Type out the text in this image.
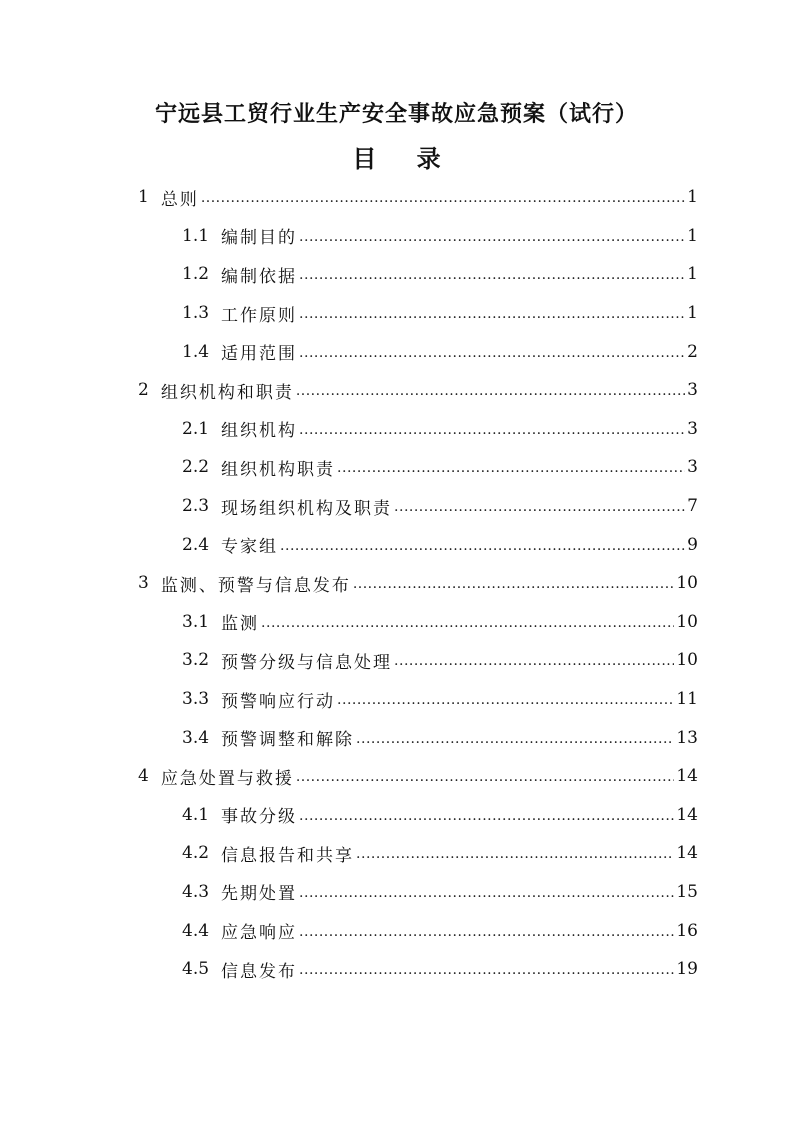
宁远县工贸行业生产安全事故应急预案（试行）
目 录
1 总则 .....	1
1.1 编制目的 .....	1
1.2 编制依据 .....	1
1.3 工作原则 .....	1
1.4 适用范围 .....	2
2 组织机构和职责 .....	3
2.1 组织机构 .....	3
2.2 组织机构职责 .....	3
2.3 现场组织机构及职责 .....	7
2.4 专家组 .....	9
3 监测、预警与信息发布 .....	10
3.1 监测 .....	10
3.2 预警分级与信息处理 .....	10
3.3 预警响应行动 .....	11
3.4 预警调整和解除 .....	13
4 应急处置与救援 .....	14
4.1 事故分级 .....	14
4.2 信息报告和共享 .....	14
4.3 先期处置 .....	15
4.4 应急响应 .....	16
4.5 信息发布 .....	19
